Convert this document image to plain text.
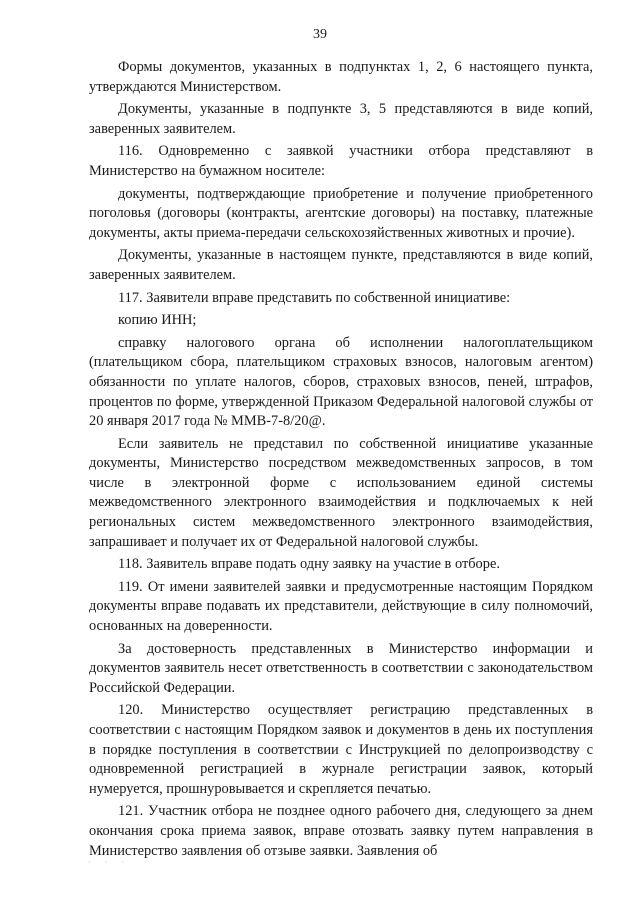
39

Формы документов, указанных в подпунктах 1, 2, 6 настоящего пункта, утверждаются Министерством.

Документы, указанные в подпункте 3, 5 представляются в виде копий, заверенных заявителем.

116. Одновременно с заявкой участники отбора представляют в Министерство на бумажном носителе:

документы, подтверждающие приобретение и получение приобретенного поголовья (договоры (контракты, агентские договоры) на поставку, платежные документы, акты приема-передачи сельскохозяйственных животных и прочие).

Документы, указанные в настоящем пункте, представляются в виде копий, заверенных заявителем.

117. Заявители вправе представить по собственной инициативе:

копию ИНН;

справку налогового органа об исполнении налогоплательщиком (плательщиком сбора, плательщиком страховых взносов, налоговым агентом) обязанности по уплате налогов, сборов, страховых взносов, пеней, штрафов, процентов по форме, утвержденной Приказом Федеральной налоговой службы от 20 января 2017 года № ММВ-7-8/20@.

Если заявитель не представил по собственной инициативе указанные документы, Министерство посредством межведомственных запросов, в том числе в электронной форме с использованием единой системы межведомственного электронного взаимодействия и подключаемых к ней региональных систем межведомственного электронного взаимодействия, запрашивает и получает их от Федеральной налоговой службы.

118. Заявитель вправе подать одну заявку на участие в отборе.

119. От имени заявителей заявки и предусмотренные настоящим Порядком документы вправе подавать их представители, действующие в силу полномочий, основанных на доверенности.

За достоверность представленных в Министерство информации и документов заявитель несет ответственность в соответствии с законодательством Российской Федерации.

120. Министерство осуществляет регистрацию представленных в соответствии с настоящим Порядком заявок и документов в день их поступления в порядке поступления в соответствии с Инструкцией по делопроизводству с одновременной регистрацией в журнале регистрации заявок, который нумеруется, прошнуровывается и скрепляется печатью.

121. Участник отбора не позднее одного рабочего дня, следующего за днем окончания срока приема заявок, вправе отозвать заявку путем направления в Министерство заявления об отзыве заявки. Заявления об

· · ·
